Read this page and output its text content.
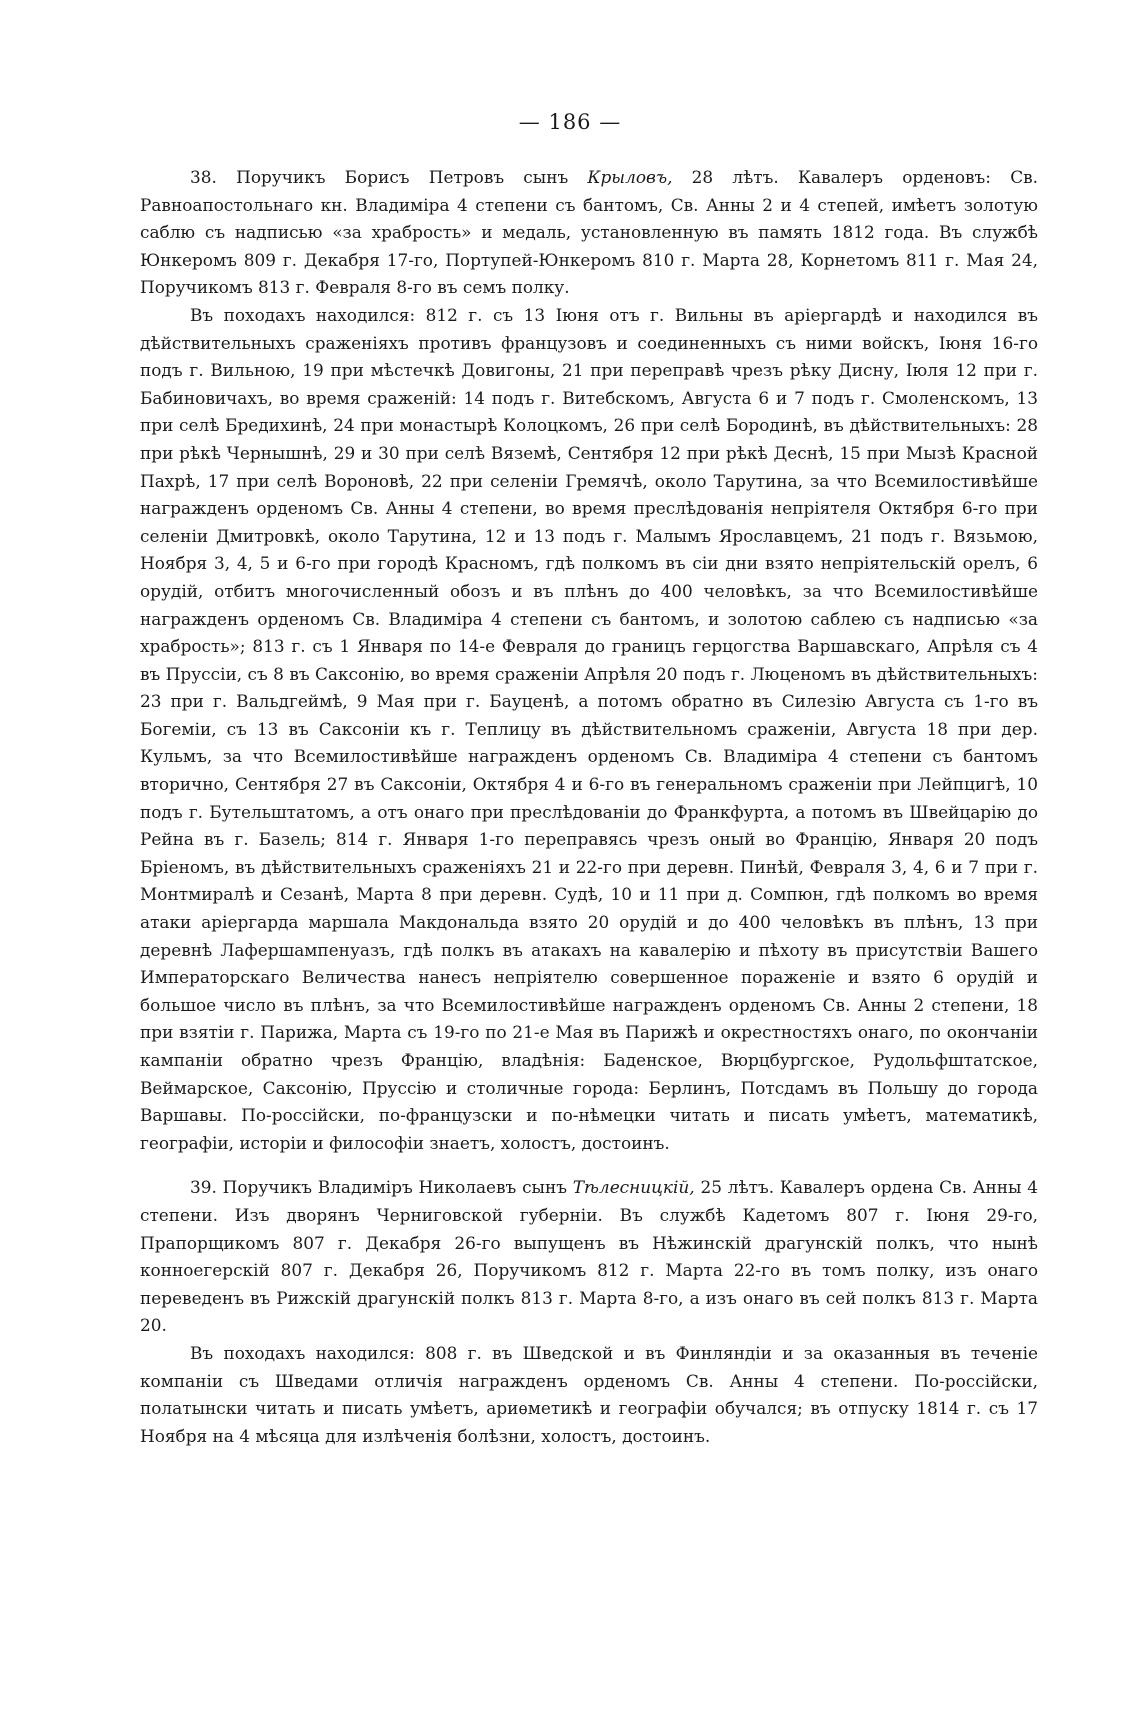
— 186 —

38. Поручикъ Борисъ Петровъ сынъ Крыловъ, 28 лѣтъ. Кавалеръ орденовъ: Св. Равноапостольнаго кн. Владиміра 4 степени съ бантомъ, Св. Анны 2 и 4 степей, имѣетъ золотую саблю съ надписью «за храбрость» и медаль, установленную въ память 1812 года. Въ службѣ Юнкеромъ 809 г. Декабря 17-го, Портупей-Юнкеромъ 810 г. Марта 28, Корнетомъ 811 г. Мая 24, Поручикомъ 813 г. Февраля 8-го въ семъ полку.

Въ походахъ находился: 812 г. съ 13 Іюня отъ г. Вильны въ аріергардѣ и находился въ дѣйствительныхъ сраженіяхъ противъ французовъ и соединенныхъ съ ними войскъ, Іюня 16-го подъ г. Вильною, 19 при мѣстечкѣ Довигоны, 21 при переправѣ чрезъ рѣку Дисну, Іюля 12 при г. Бабиновичахъ, во время сраженій: 14 подъ г. Витебскомъ, Августа 6 и 7 подъ г. Смоленскомъ, 13 при селѣ Бредихинѣ, 24 при монастырѣ Колоцкомъ, 26 при селѣ Бородинѣ, въ дѣйствительныхъ: 28 при рѣкѣ Чернышнѣ, 29 и 30 при селѣ Вяземѣ, Сентября 12 при рѣкѣ Деснѣ, 15 при Мызѣ Красной Пахрѣ, 17 при селѣ Вороновѣ, 22 при селеніи Гремячѣ, около Тарутина, за что Всемилостивѣйше награжденъ орденомъ Св. Анны 4 степени, во время преслѣдованія непріятеля Октября 6-го при селеніи Дмитровкѣ, около Тарутина, 12 и 13 подъ г. Малымъ Ярославцемъ, 21 подъ г. Вязьмою, Ноября 3, 4, 5 и 6-го при городѣ Красномъ, гдѣ полкомъ въ сіи дни взято непріятельскій орелъ, 6 орудій, отбитъ многочисленный обозъ и въ плѣнъ до 400 человѣкъ, за что Всемилостивѣйше награжденъ орденомъ Св. Владиміра 4 степени съ бантомъ, и золотою саблею съ надписью «за храбрость»; 813 г. съ 1 Января по 14-е Февраля до границъ герцогства Варшавскаго, Апрѣля съ 4 въ Пруссіи, съ 8 въ Саксонію, во время сраженіи Апрѣля 20 подъ г. Люценомъ въ дѣйствительныхъ: 23 при г. Вальдгеймѣ, 9 Мая при г. Бауценѣ, а потомъ обратно въ Силезію Августа съ 1-го въ Богеміи, съ 13 въ Саксоніи къ г. Теплицу въ дѣйствительномъ сраженіи, Августа 18 при дер. Кульмъ, за что Всемилостивѣйше награжденъ орденомъ Св. Владиміра 4 степени съ бантомъ вторично, Сентября 27 въ Саксоніи, Октября 4 и 6-го въ генеральномъ сраженіи при Лейпцигѣ, 10 подъ г. Бутельштатомъ, а отъ онаго при преслѣдованіи до Франкфурта, а потомъ въ Швейцарію до Рейна въ г. Базель; 814 г. Января 1-го переправясь чрезъ оный во Францію, Января 20 подъ Бріеномъ, въ дѣйствительныхъ сраженіяхъ 21 и 22-го при деревн. Пинѣй, Февраля 3, 4, 6 и 7 при г. Монтмиралѣ и Сезанѣ, Марта 8 при деревн. Судѣ, 10 и 11 при д. Сомпюн, гдѣ полкомъ во время атаки аріергарда маршала Макдональда взято 20 орудій и до 400 человѣкъ въ плѣнъ, 13 при деревнѣ Лафершампенуазъ, гдѣ полкъ въ атакахъ на кавалерію и пѣхоту въ присутствіи Вашего Императорскаго Величества нанесъ непріятелю совершенное пораженіе и взято 6 орудій и большое число въ плѣнъ, за что Всемилостивѣйше награжденъ орденомъ Св. Анны 2 степени, 18 при взятіи г. Парижа, Марта съ 19-го по 21-е Мая въ Парижѣ и окрестностяхъ онаго, по окончаніи кампаніи обратно чрезъ Францію, владѣнія: Баденское, Вюрцбургское, Рудольфштатское, Веймарское, Саксонію, Пруссію и столичные города: Берлинъ, Потсдамъ въ Польшу до города Варшавы. По-россійски, по-французски и по-нѣмецки читать и писать умѣетъ, математикѣ, географіи, исторіи и философіи знаетъ, холостъ, достоинъ.

39. Поручикъ Владиміръ Николаевъ сынъ Тѣлесницкій, 25 лѣтъ. Кавалеръ ордена Св. Анны 4 степени. Изъ дворянъ Черниговской губерніи. Въ службѣ Кадетомъ 807 г. Іюня 29-го, Прапорщикомъ 807 г. Декабря 26-го выпущенъ въ Нѣжинскій драгунскій полкъ, что нынѣ конноегерскій 807 г. Декабря 26, Поручикомъ 812 г. Марта 22-го въ томъ полку, изъ онаго переведенъ въ Рижскій драгунскій полкъ 813 г. Марта 8-го, а изъ онаго въ сей полкъ 813 г. Марта 20.

Въ походахъ находился: 808 г. въ Шведской и въ Финляндіи и за оказанныя въ теченіе компаніи съ Шведами отличія награжденъ орденомъ Св. Анны 4 степени. По-россійски, полатынски читать и писать умѣетъ, ариѳметикѣ и географіи обучался; въ отпуску 1814 г. съ 17 Ноября на 4 мѣсяца для излѣченія болѣзни, холостъ, достоинъ.
